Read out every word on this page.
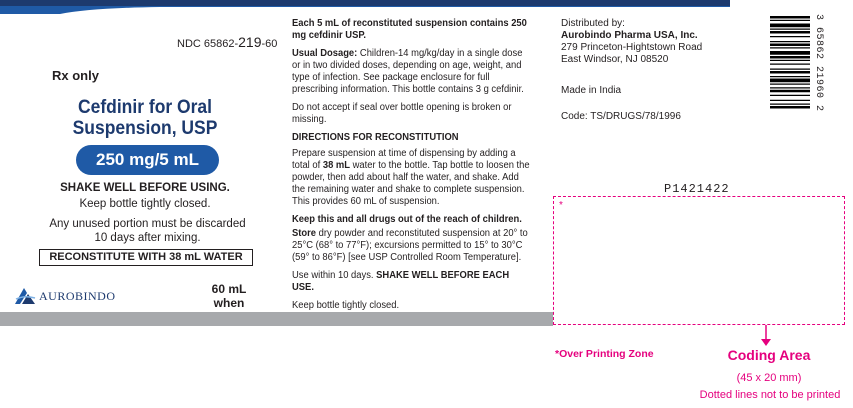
NDC 65862-219-60
Rx only
Cefdinir for Oral
Suspension, USP
250 mg/5 mL
SHAKE WELL BEFORE USING.
Keep bottle tightly closed.
Any unused portion must be discarded
10 days after mixing.
RECONSTITUTE WITH 38 mL WATER
AUROBINDO	60 mL
when

Each 5 mL of reconstituted suspension contains 250 mg cefdinir USP.

Usual Dosage: Children-14 mg/kg/day in a single dose or in two divided doses, depending on age, weight, and type of infection. See package enclosure for full prescribing information. This bottle contains 3 g cefdinir.

Do not accept if seal over bottle opening is broken or missing.

DIRECTIONS FOR RECONSTITUTION

Prepare suspension at time of dispensing by adding a total of 38 mL water to the bottle. Tap bottle to loosen the powder, then add about half the water, and shake. Add the remaining water and shake to complete suspension. This provides 60 mL of suspension.

Keep this and all drugs out of the reach of children.

Store dry powder and reconstituted suspension at 20° to 25°C (68° to 77°F); excursions permitted to 15° to 30°C (59° to 86°F) [see USP Controlled Room Temperature].

Use within 10 days. SHAKE WELL BEFORE EACH USE.

Keep bottle tightly closed.

Distributed by:
Aurobindo Pharma USA, Inc.
279 Princeton-Hightstown Road
East Windsor, NJ 08520
Made in India
Code: TS/DRUGS/78/1996
3 65862 21960 2
P1421422
*
*Over Printing Zone	Coding Area
(45 x 20 mm)
Dotted lines not to be printed
